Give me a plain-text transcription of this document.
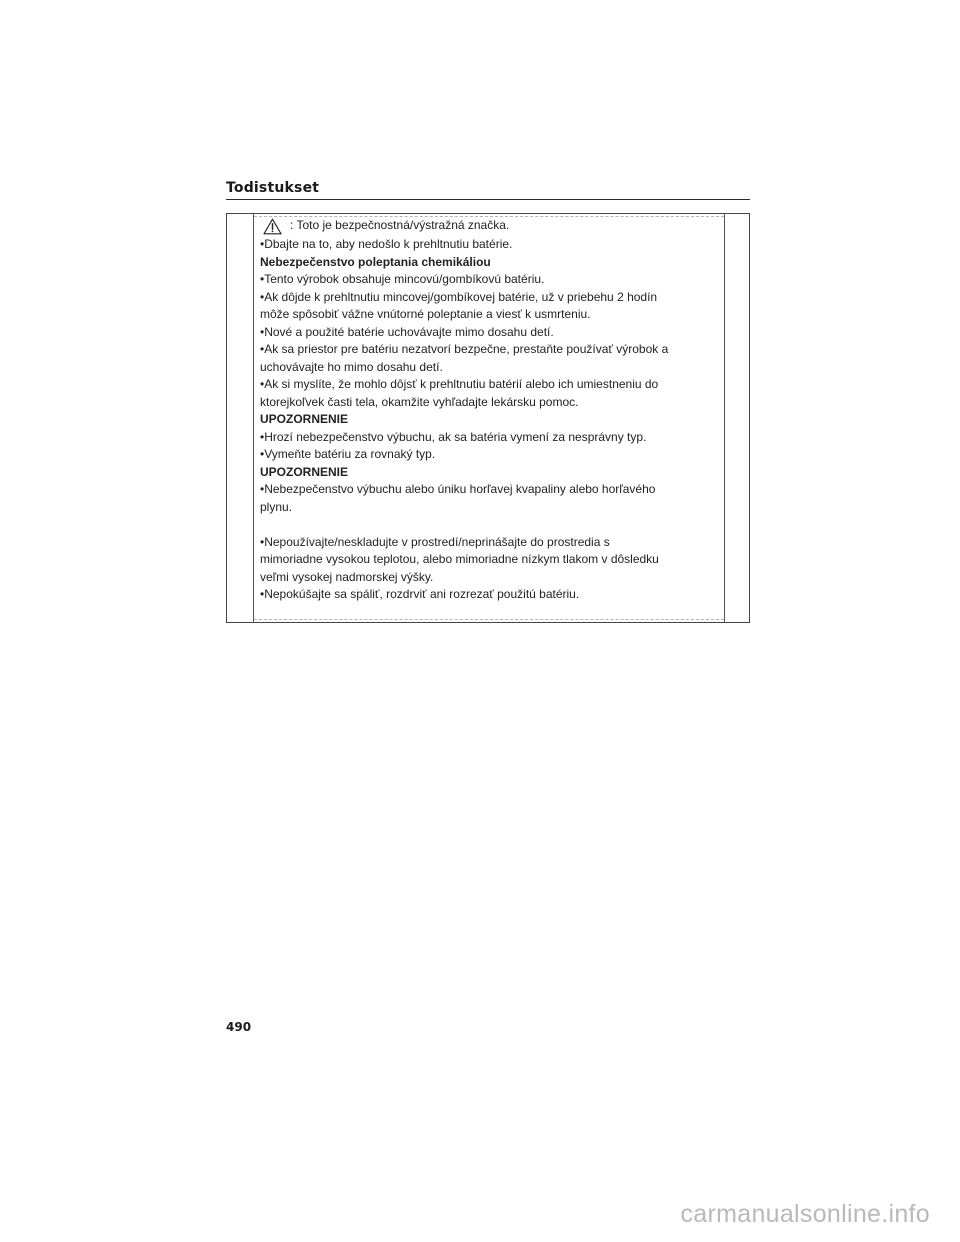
Todistukset
: Toto je bezpečnostná/výstražná značka.
•Dbajte na to, aby nedošlo k prehltnutiu batérie.
Nebezpečenstvo poleptania chemikáliou
•Tento výrobok obsahuje mincovú/gombíkovú batériu.
•Ak dôjde k prehltnutiu mincovej/gombíkovej batérie, už v priebehu 2 hodín
môže spôsobiť vážne vnútorné poleptanie a viesť k usmrteniu.
•Nové a použité batérie uchovávajte mimo dosahu detí.
•Ak sa priestor pre batériu nezatvorí bezpečne, prestaňte používať výrobok a
uchovávajte ho mimo dosahu detí.
•Ak si myslíte, že mohlo dôjsť k prehltnutiu batérií alebo ich umiestneniu do
ktorejkoľvek časti tela, okamžite vyhľadajte lekársku pomoc.
UPOZORNENIE
•Hrozí nebezpečenstvo výbuchu, ak sa batéria vymení za nesprávny typ.
•Vymeňte batériu za rovnaký typ.
UPOZORNENIE
•Nebezpečenstvo výbuchu alebo úniku horľavej kvapaliny alebo horľavého
plynu.
•Nepoužívajte/neskladujte v prostredí/neprinášajte do prostredia s
mimoriadne vysokou teplotou, alebo mimoriadne nízkym tlakom v dôsledku
veľmi vysokej nadmorskej výšky.
•Nepokúšajte sa spáliť, rozdrviť ani rozrezať použitú batériu.
490
carmanualsonline.info
